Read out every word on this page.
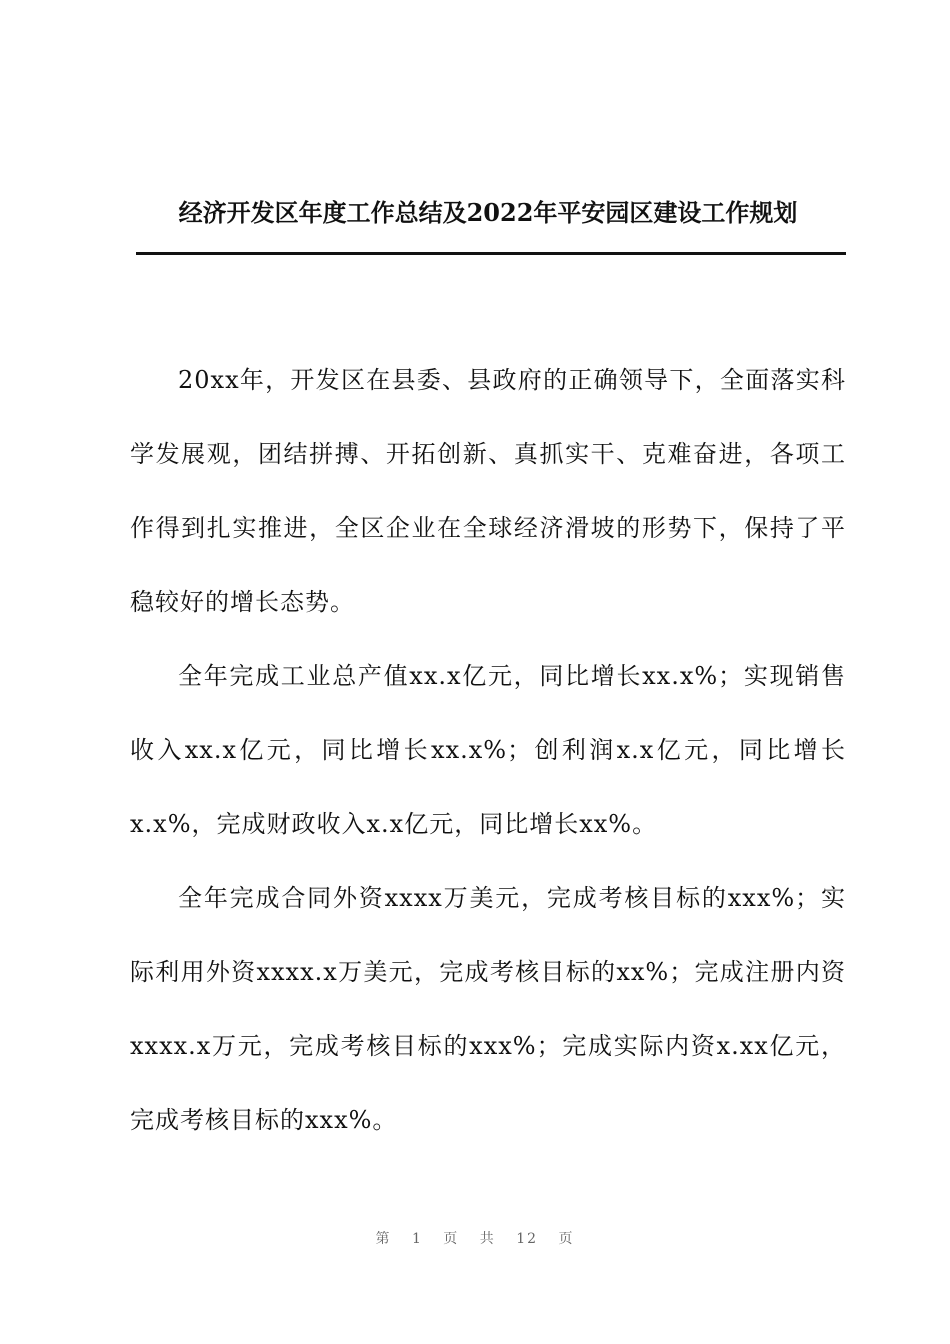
经济开发区年度工作总结及2022年平安园区建设工作规划

20xx年，开发区在县委、县政府的正确领导下，全面落实科学发展观，团结拼搏、开拓创新、真抓实干、克难奋进，各项工作得到扎实推进，全区企业在全球经济滑坡的形势下，保持了平稳较好的增长态势。

全年完成工业总产值xx.x亿元，同比增长xx.x%；实现销售收入xx.x亿元，同比增长xx.x%；创利润x.x亿元，同比增长x.x%，完成财政收入x.x亿元，同比增长xx%。

全年完成合同外资xxxx万美元，完成考核目标的xxx%；实际利用外资xxxx.x万美元，完成考核目标的xx%；完成注册内资xxxx.x万元，完成考核目标的xxx%；完成实际内资x.xx亿元，完成考核目标的xxx%。

第 1 页 共 12 页
